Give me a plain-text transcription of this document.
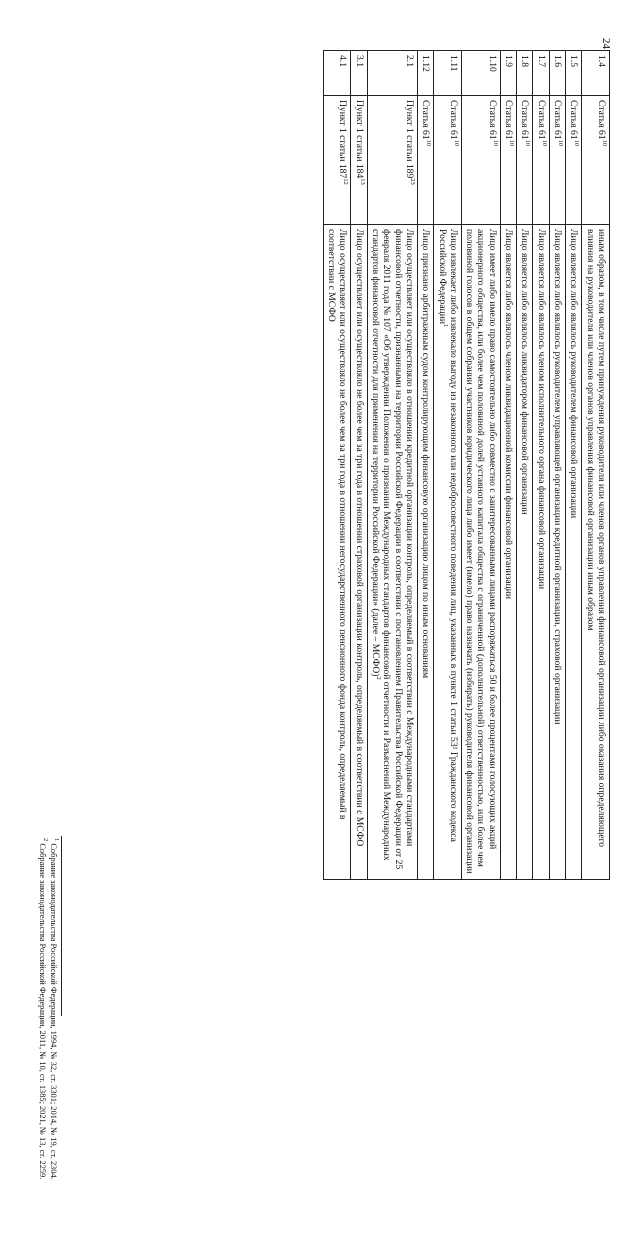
24
1.4	Статья $61^{10}$	иным образом, в том числе путем принуждения руководителя или членов органов управления финансовой организации либо оказания определяющего влияния на руководителя или членов органов управления финансовой организации иным образом
1.5	Статья $61^{10}$	Лицо является либо являлось руководителем финансовой организации
1.6	Статья $61^{10}$	Лицо является либо являлось руководителем управляющей организации кредитной организации, страховой организации
1.7	Статья $61^{10}$	Лицо является либо являлось членом исполнительного органа финансовой организации
1.8	Статья $61^{10}$	Лицо является либо являлось ликвидатором финансовой организации
1.9	Статья $61^{10}$	Лицо является либо являлось членом ликвидационной комиссии финансовой организации
1.10	Статья $61^{10}$	Лицо имеет либо имело право самостоятельно либо совместно с заинтересованными лицами распоряжаться 50 и более процентами голосующих акций акционерного общества, или более чем половиной долей уставного капитала общества с ограниченной (дополнительной) ответственностью, или более чем половиной голосов в общем собрании участников юридического лица либо имеет (имело) право назначать (избирать) руководителя финансовой организации
1.11	Статья $61^{10}$	Лицо извлекает либо извлекало выгоду из незаконного или недобросовестного поведения лиц, указанных в пункте 1 статьи 53¹ Гражданского кодекса Российской Федерации$^1$
1.12	Статья $61^{10}$	Лицо признано арбитражным судом контролирующим финансовую организацию лицом по иным основаниям
2.1	Пункт 1 статьи $189^{23}$	Лицо осуществляет или осуществляло в отношении кредитной организации контроль, определяемый в соответствии с Международными стандартами финансовой отчетности, признанными на территории Российской Федерации в соответствии с постановлением Правительства Российской Федерации от 25 февраля 2011 года № 107 «Об утверждении Положения о признании Международных стандартов финансовой отчетности и Разъяснений Международных стандартов финансовой отчетности для применения на территории Российской Федерации» (далее – МСФО)$^2$
3.1	Пункт 1 статьи $184^{13}$	Лицо осуществляет или осуществляло не более чем за три года в отношении страховой организации контроль, определяемый в соответствии с МСФО
4.1	Пункт 1 статьи $187^{12}$	Лицо осуществляет или осуществляло не более чем за три года в отношении негосударственного пенсионного фонда контроль, определяемый в соответствии с МСФО
$^1$ Собрание законодательства Российской Федерации, 1994, № 32, ст. 3301; 2014, № 19, ст. 2304.
$^2$ Собрание законодательства Российской Федерации, 2011, № 10, ст. 1385; 2021, № 13, ст. 2259.
